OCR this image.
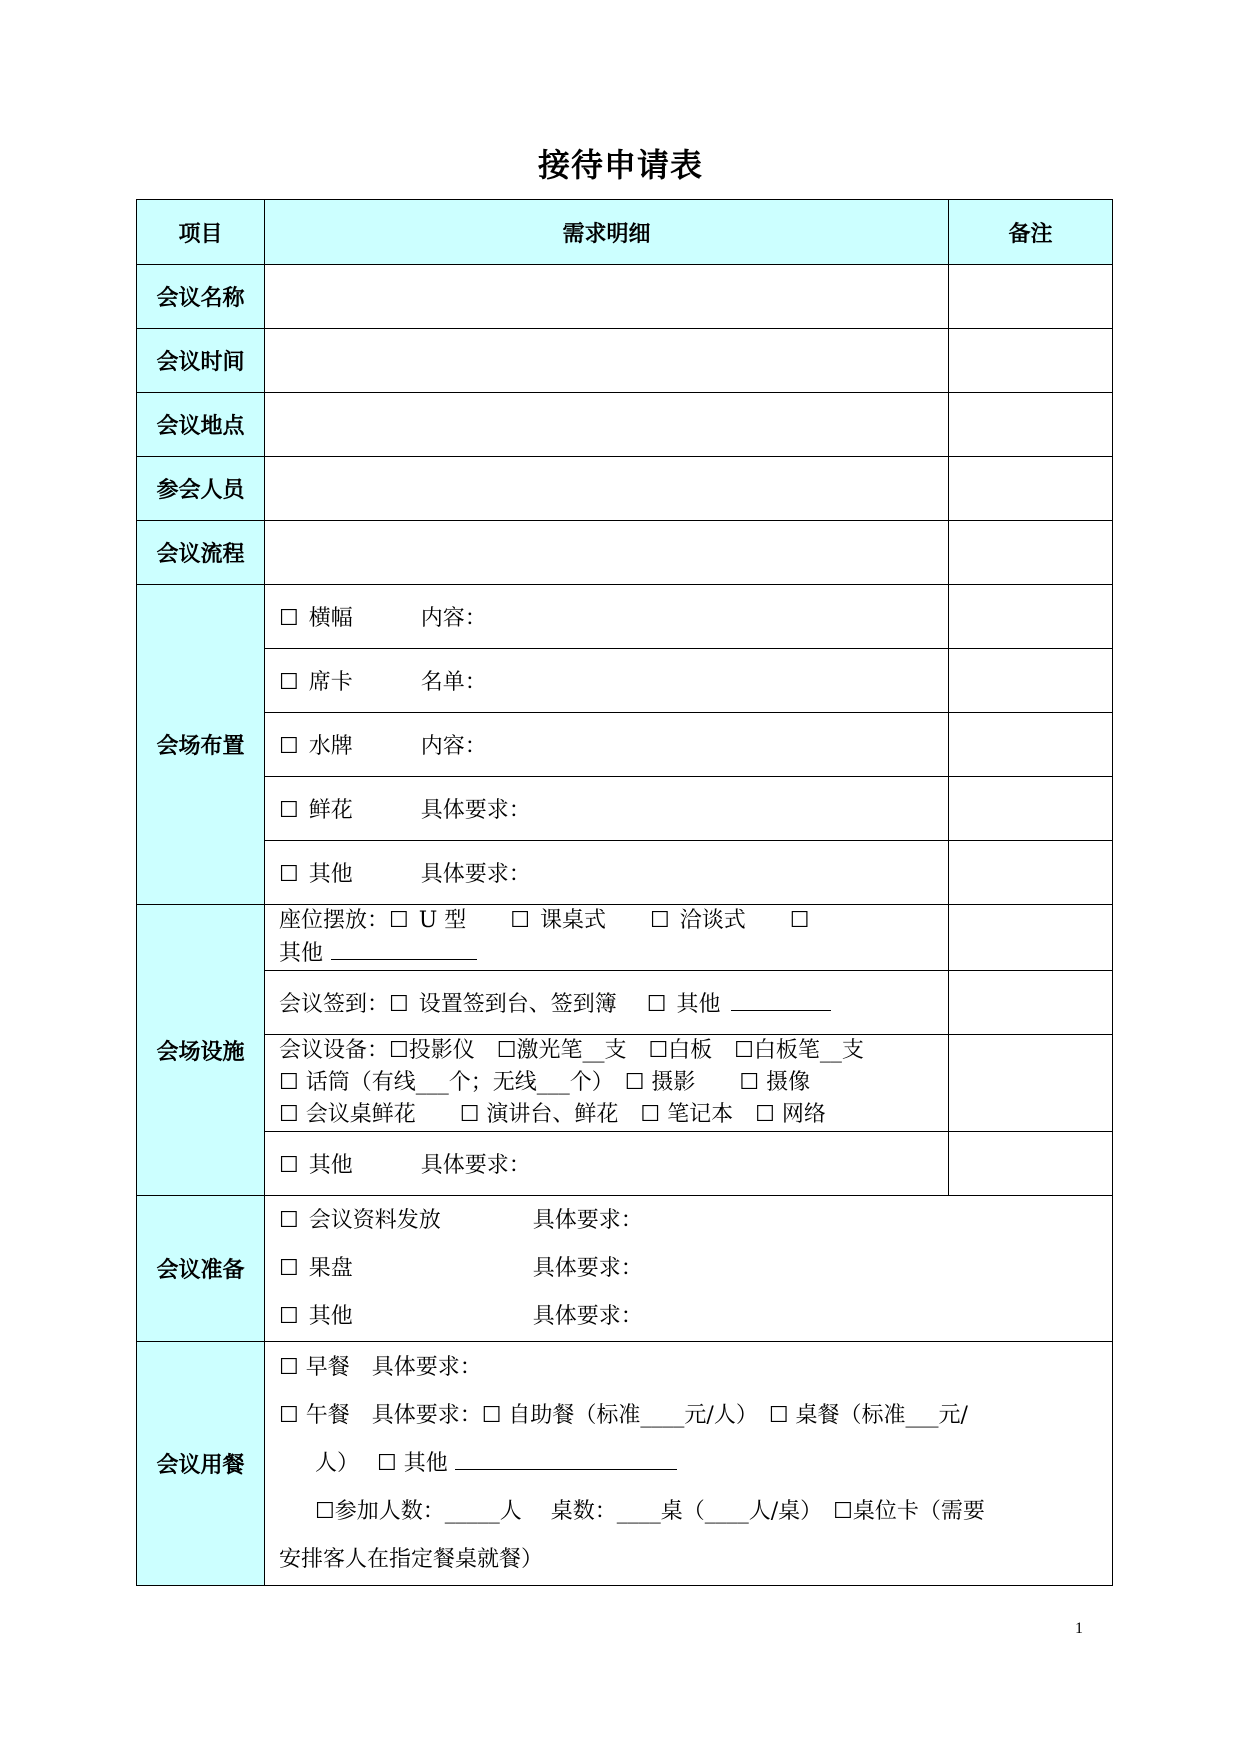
接待申请表
项目	需求明细	备注
会议名称		
会议时间		
会议地点		
参会人员		
会议流程		
会场布置	☐ 横幅 内容：	
	☐ 席卡 名单：	
	☐ 水牌 内容：	
	☐ 鲜花 具体要求：	
	☐ 其他 具体要求：	
会场设施	座位摆放：☐ U 型 ☐ 课桌式 ☐ 洽谈式 ☐
其他	

	会议签到：☐ 设置签到台、签到簿 ☐ 其他	

	会议设备：☐投影仪　☐激光笔__支　☐白板　☐白板笔__支
☐ 话筒（有线___个；无线___个）　☐ 摄影　　☐ 摄像
☐ 会议桌鲜花　　☐ 演讲台、鲜花　☐ 笔记本　☐ 网络	

	☐ 其他 具体要求：	
会议准备	☐ 会议资料发放 具体要求：
☐ 果盘 具体要求：
☐ 其他 具体要求：	

会议用餐	☐ 早餐　具体要求：
☐ 午餐　具体要求：☐ 自助餐（标准____元/人）　☐ 桌餐（标准___元/
人）　 ☐ 其他
☐参加人数：_____人　 桌数：____桌（____人/桌）　☐桌位卡（需要
安排客人在指定餐桌就餐）	
1
